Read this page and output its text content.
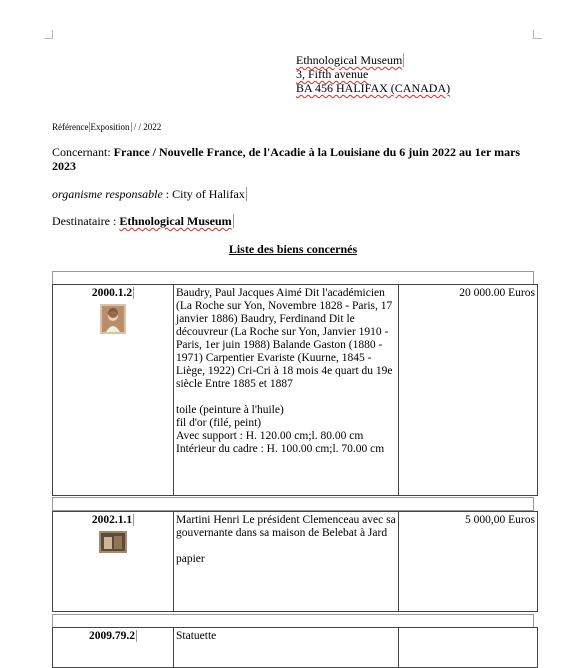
Ethnological Museum
3, Fifth avenue
BA 456 HALIFAX (CANADA)
Référence Exposition / / 2022
Concernant: France / Nouvelle France, de l'Acadie à la Louisiane du 6 juin 2022 au 1er mars 2023
organisme responsable : City of Halifax
Destinataire : Ethnological Museum
Liste des biens concernés
2000.1.2	Baudry, Paul Jacques Aimé Dit l'académicien (La Roche sur Yon, Novembre 1828 - Paris, 17 janvier 1886) Baudry, Ferdinand Dit le découvreur (La Roche sur Yon, Janvier 1910 - Paris, 1er juin 1988) Balande Gaston (1880 - 1971) Carpentier Evariste (Kuurne, 1845 - Liège, 1922) Cri-Cri à 18 mois 4e quart du 19e siècle Entre 1885 et 1887

toile (peinture à l'huile)

fil d'or (filé, peint)

Avec support : H. 120.00 cm;l. 80.00 cm

Intérieur du cadre : H. 100.00 cm;l. 70.00 cm

	20 000.00 Euros
2002.1.1	Martini Henri Le président Clemenceau avec sa gouvernante dans sa maison de Belebat à Jard

papier

	5 000,00 Euros
2009.79.2	Statuette
